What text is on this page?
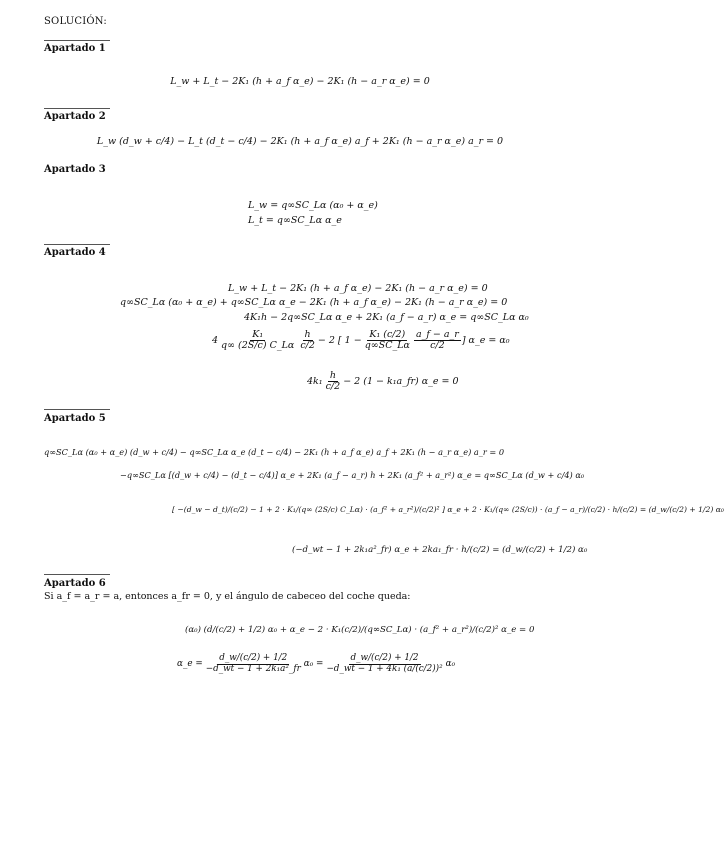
SOLUCIÓN:
Apartado 1
L_w + L_t − 2K₁ (h + a_f α_e) − 2K₁ (h − a_r α_e) = 0
Apartado 2
L_w (d_w + c/4) − L_t (d_t − c/4) − 2K₁ (h + a_f α_e) a_f + 2K₁ (h − a_r α_e) a_r = 0
Apartado 3
L_w = q∞SC_Lα (α₀ + α_e)
L_t = q∞SC_Lα α_e
Apartado 4
L_w + L_t − 2K₁ (h + a_f α_e) − 2K₁ (h − a_r α_e) = 0
q∞SC_Lα (α₀ + α_e) + q∞SC_Lα α_e − 2K₁ (h + a_f α_e) − 2K₁ (h − a_r α_e) = 0
4K₁h − 2q∞SC_Lα α_e + 2K₁ (a_f − a_r) α_e = q∞SC_Lα α₀
$4 \frac{\text{K₁}}{q\infty (2S/c) C\_L\alpha} \frac{h}{c/2} - 2$ [ $1 - \frac{\text{K₁ (c/2)}}{q\infty SC\_L\alpha} \frac{a\_f - a\_r}{c/2}$ ] α_e = α₀
$4k_1 \frac{h}{c/2} - 2$ (1 − k₁a_fr) α_e = 0
Apartado 5
q∞SC_Lα (α₀ + α_e) (d_w + c/4) − q∞SC_Lα α_e (d_t − c/4) − 2K₁ (h + a_f α_e) a_f + 2K₁ (h − a_r α_e) a_r = 0
−q∞SC_Lα [(d_w + c/4) − (d_t − c/4)] α_e + 2K₁ (a_f − a_r) h + 2K₁ (a_f² + a_r²) α_e = q∞SC_Lα (d_w + c/4) α₀
[ −(d_w − d_t)/(c/2) − 1 + 2 · K₁/(q∞ (2S/c) C_Lα) · (a_f² + a_r²)/(c/2)² ] α_e + 2 · K₁/(q∞ (2S/c)) · (a_f − a_r)/(c/2) · h/(c/2) = (d_w/(c/2) + 1/2) α₀
(−d_wt − 1 + 2k₁a²_fr) α_e + 2ka₁_fr · h/(c/2) = (d_w/(c/2) + 1/2) α₀
Apartado 6
Si a_f = a_r = a, entonces a_fr = 0, y el ángulo de cabeceo del coche queda:
(α₀) (d/(c/2) + 1/2) α₀ + α_e − 2 · K₁(c/2)/(q∞SC_Lα) · (a_f² + a_r²)/(c/2)² α_e = 0
α_e = $\frac{d\_w/(c/2) + 1/2}{\text{−d\_wt − 1 + 2k₁a²\_fr}} \alpha_0 = \frac{d\_w/(c/2) + 1/2}{\text{−d\_wt − 1 + 4k₁ (a/(c/2))²}} \alpha_0$
